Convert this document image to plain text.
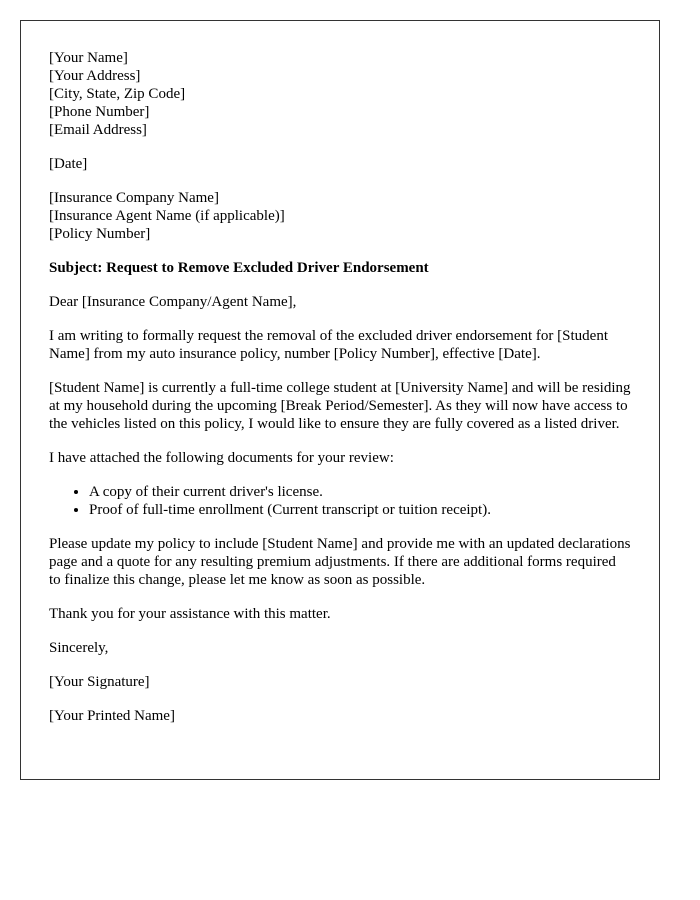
[Your Name]
[Your Address]
[City, State, Zip Code]
[Phone Number]
[Email Address]
[Date]
[Insurance Company Name]
[Insurance Agent Name (if applicable)]
[Policy Number]

Subject: Request to Remove Excluded Driver Endorsement

Dear [Insurance Company/Agent Name],

I am writing to formally request the removal of the excluded driver endorsement for [Student Name] from my auto insurance policy, number [Policy Number], effective [Date].

[Student Name] is currently a full-time college student at [University Name] and will be residing at my household during the upcoming [Break Period/Semester]. As they will now have access to the vehicles listed on this policy, I would like to ensure they are fully covered as a listed driver.

I have attached the following documents for your review:

• A copy of their current driver's license.
• Proof of full-time enrollment (Current transcript or tuition receipt).

Please update my policy to include [Student Name] and provide me with an updated declarations page and a quote for any resulting premium adjustments. If there are additional forms required to finalize this change, please let me know as soon as possible.

Thank you for your assistance with this matter.

Sincerely,

[Your Signature]

[Your Printed Name]
